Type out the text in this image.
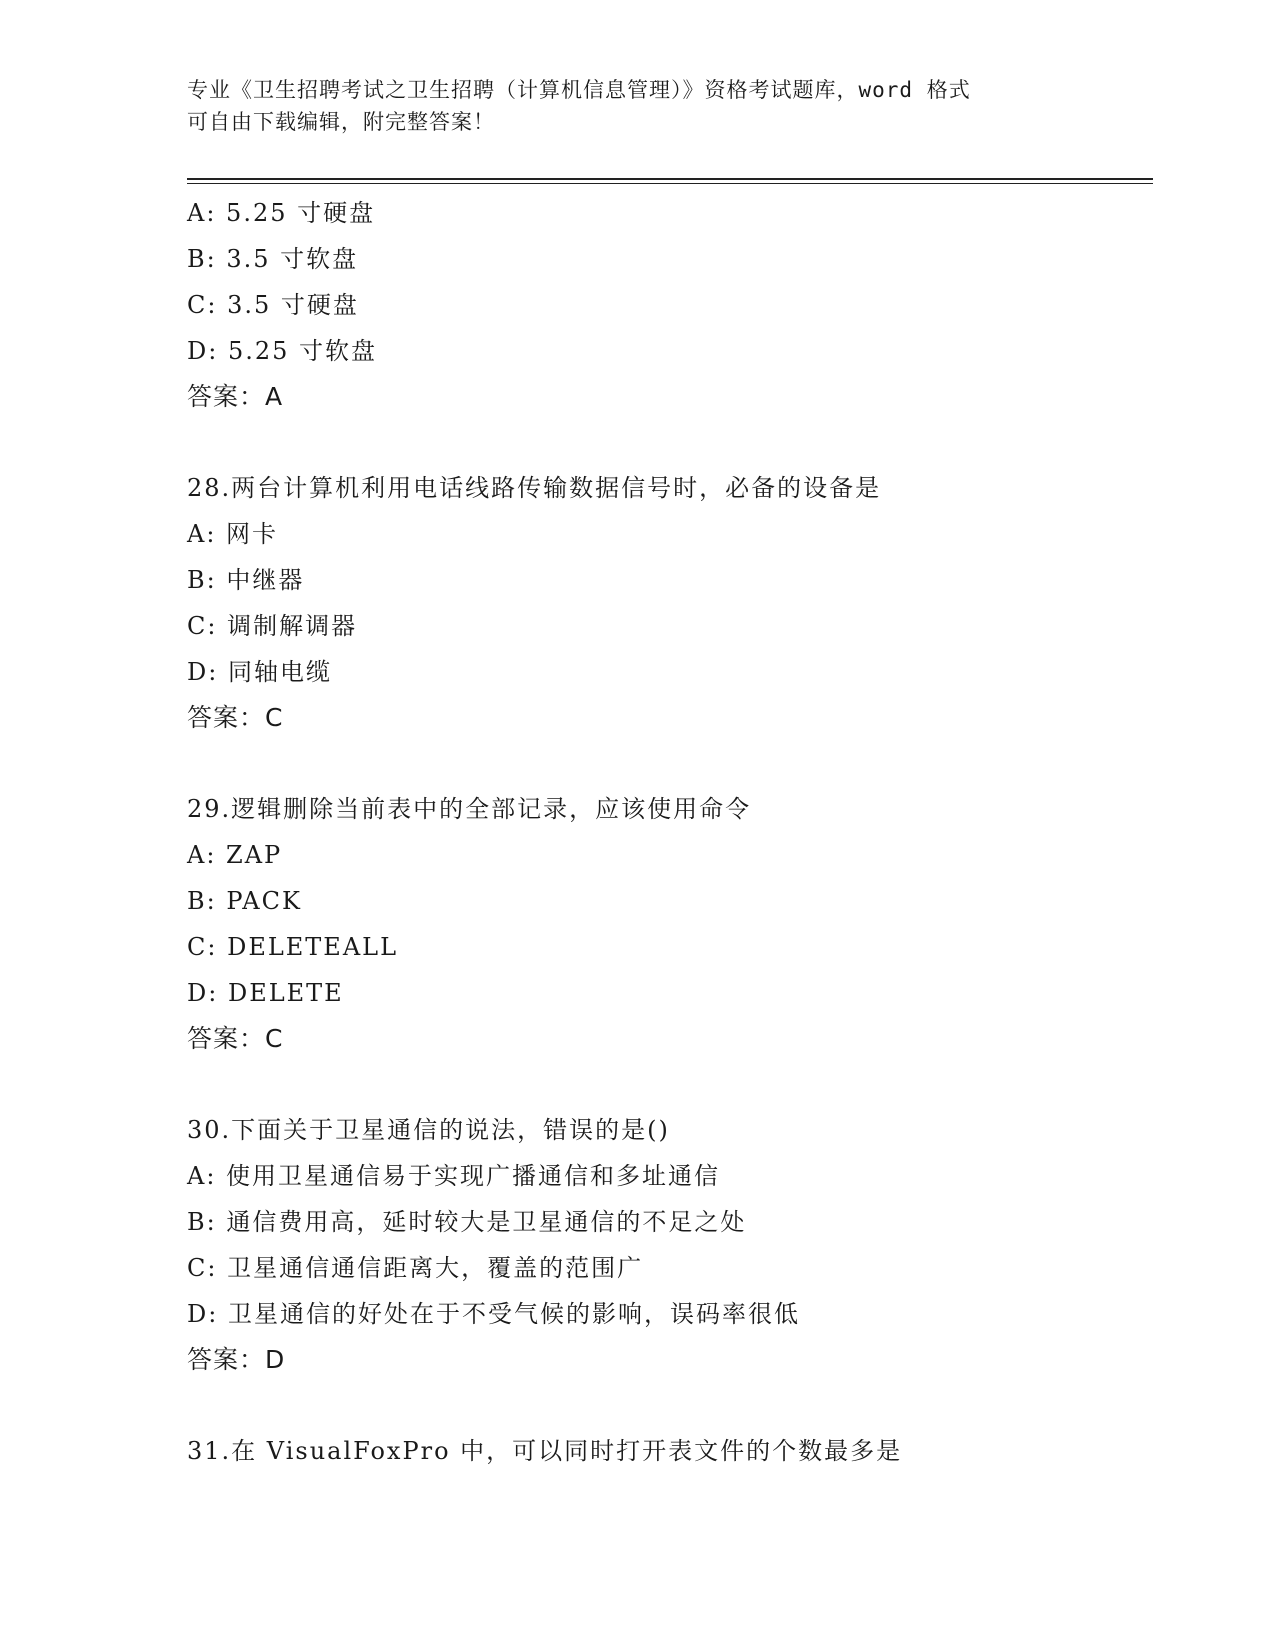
专业《卫生招聘考试之卫生招聘（计算机信息管理）》资格考试题库，word 格式
可自由下载编辑，附完整答案！
A: 5.25 寸硬盘
B: 3.5 寸软盘
C: 3.5 寸硬盘
D: 5.25 寸软盘
答案：A
28.两台计算机利用电话线路传输数据信号时，必备的设备是
A: 网卡
B: 中继器
C: 调制解调器
D: 同轴电缆
答案：C
29.逻辑删除当前表中的全部记录，应该使用命令
A: ZAP
B: PACK
C: DELETEALL
D: DELETE
答案：C
30.下面关于卫星通信的说法，错误的是()
A: 使用卫星通信易于实现广播通信和多址通信
B: 通信费用高，延时较大是卫星通信的不足之处
C: 卫星通信通信距离大，覆盖的范围广
D: 卫星通信的好处在于不受气候的影响，误码率很低
答案：D
31.在 VisualFoxPro 中，可以同时打开表文件的个数最多是
